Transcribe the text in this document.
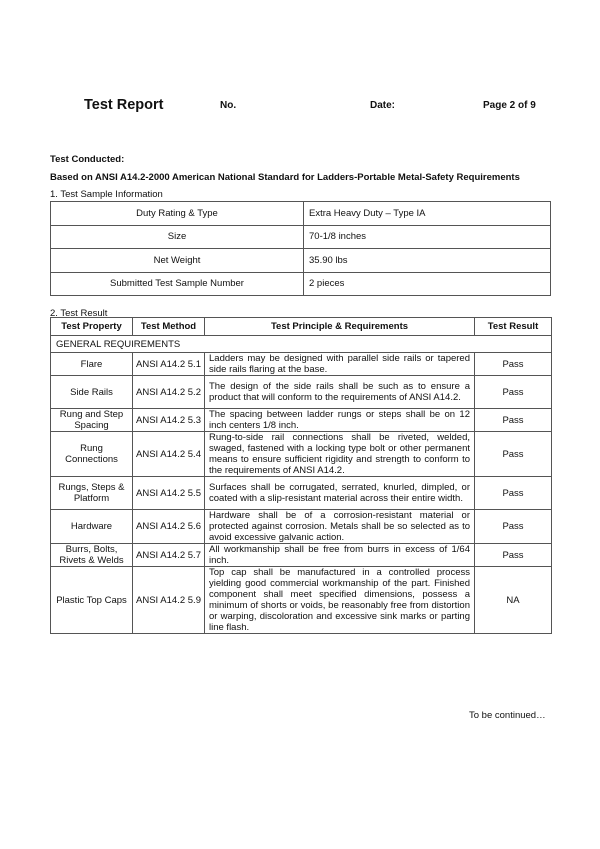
Test Report	No.	Date:	Page 2 of 9
Test Conducted:
Based on ANSI A14.2-2000 American National Standard for Ladders-Portable Metal-Safety Requirements
1. Test Sample Information
Duty Rating & Type	Extra Heavy Duty – Type IA
Size	70-1/8 inches
Net Weight	35.90 lbs
Submitted Test Sample Number	2 pieces
2. Test Result
Test Property	Test Method	Test Principle & Requirements	Test Result
GENERAL REQUIREMENTS			
Flare	ANSI A14.2 5.1	Ladders may be designed with parallel side rails or tapered side rails flaring at the base.	Pass
Side Rails	ANSI A14.2 5.2	The design of the side rails shall be such as to ensure a product that will conform to the requirements of ANSI A14.2.	Pass
Rung and Step Spacing	ANSI A14.2 5.3	The spacing between ladder rungs or steps shall be on 12 inch centers 1/8 inch.	Pass
Rung Connections	ANSI A14.2 5.4	Rung-to-side rail connections shall be riveted, welded, swaged, fastened with a locking type bolt or other permanent means to ensure sufficient rigidity and strength to conform to the requirements of ANSI A14.2.	Pass
Rungs, Steps & Platform	ANSI A14.2 5.5	Surfaces shall be corrugated, serrated, knurled, dimpled, or coated with a slip-resistant material across their entire width.	Pass
Hardware	ANSI A14.2 5.6	Hardware shall be of a corrosion-resistant material or protected against corrosion. Metals shall be so selected as to avoid excessive galvanic action.	Pass
Burrs, Bolts, Rivets & Welds	ANSI A14.2 5.7	All workmanship shall be free from burrs in excess of 1/64 inch.	Pass
Plastic Top Caps	ANSI A14.2 5.9	Top cap shall be manufactured in a controlled process yielding good commercial workmanship of the part. Finished component shall meet specified dimensions, possess a minimum of shorts or voids, be reasonably free from distortion or warping, discoloration and excessive sink marks or parting line flash.	NA
To be continued…
